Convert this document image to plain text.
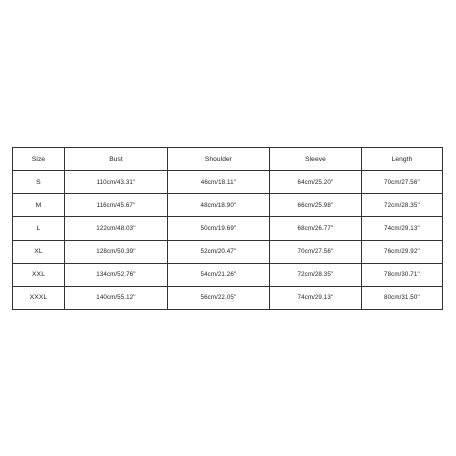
Size	Bust	Shoulder	Sleeve	Length
S	110cm/43.31''	46cm/18.11''	64cm/25.20''	70cm/27.56''
M	116cm/45.67''	48cm/18.90''	66cm/25.98''	72cm/28.35''
L	122cm/48.03''	50cm/19.69''	68cm/26.77''	74cm/29.13''
XL	128cm/50.39''	52cm/20.47''	70cm/27.56''	76cm/29.92''
XXL	134cm/52.76''	54cm/21.26''	72cm/28.35''	78cm/30.71''
XXXL	140cm/55.12''	56cm/22.05''	74cm/29.13''	80cm/31.50''
